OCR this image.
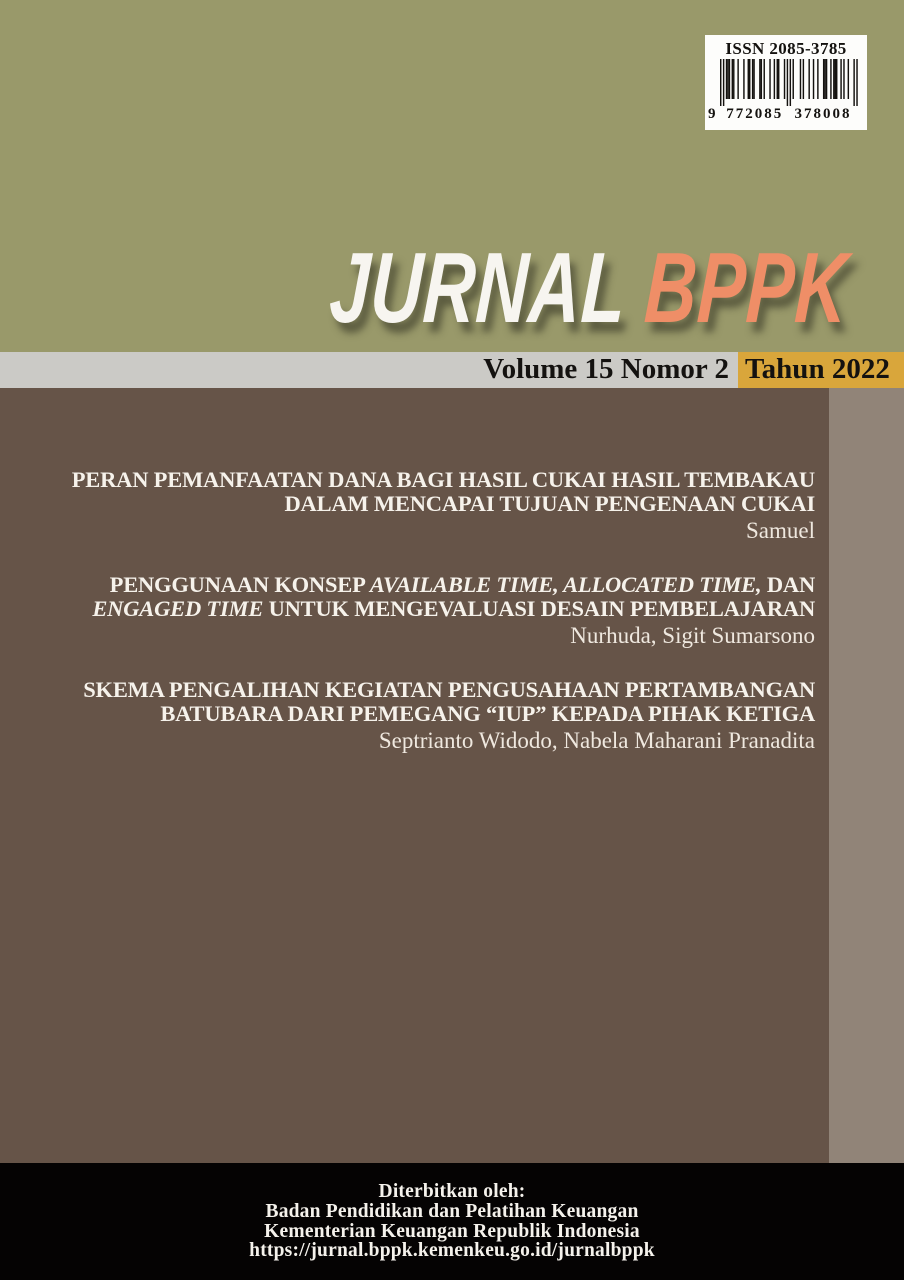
ISSN 2085-3785
9 772085 378008
JURNAL BPPK
Volume 15 Nomor 2 Tahun 2022
PERAN PEMANFAATAN DANA BAGI HASIL CUKAI HASIL TEMBAKAU
DALAM MENCAPAI TUJUAN PENGENAAN CUKAI
Samuel
PENGGUNAAN KONSEP AVAILABLE TIME, ALLOCATED TIME, DAN
ENGAGED TIME UNTUK MENGEVALUASI DESAIN PEMBELAJARAN
Nurhuda, Sigit Sumarsono
SKEMA PENGALIHAN KEGIATAN PENGUSAHAAN PERTAMBANGAN
BATUBARA DARI PEMEGANG “IUP” KEPADA PIHAK KETIGA
Septrianto Widodo, Nabela Maharani Pranadita
Diterbitkan oleh:
Badan Pendidikan dan Pelatihan Keuangan
Kementerian Keuangan Republik Indonesia
https://jurnal.bppk.kemenkeu.go.id/jurnalbppk
